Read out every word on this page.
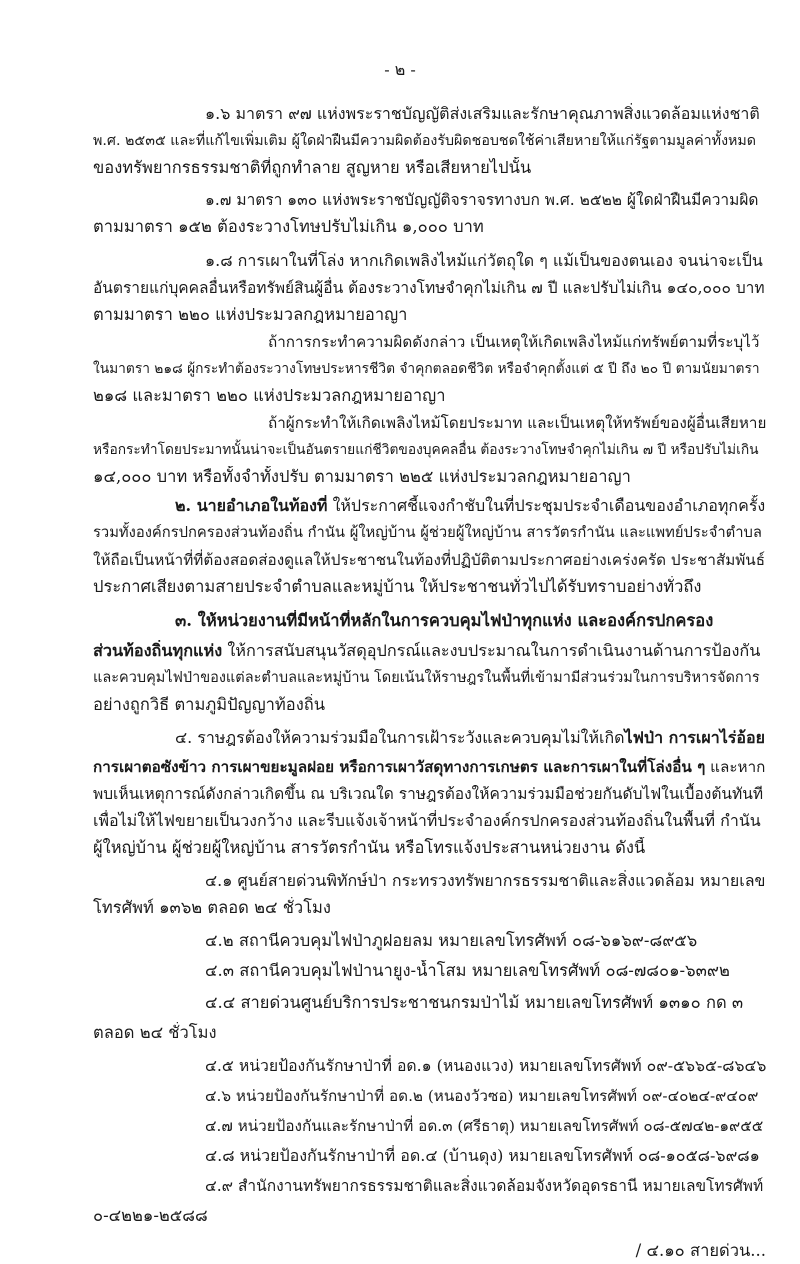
- ๒ -
๑.๖ มาตรา ๙๗ แห่งพระราชบัญญัติส่งเสริมและรักษาคุณภาพสิ่งแวดล้อมแห่งชาติ
พ.ศ. ๒๕๓๕ และที่แก้ไขเพิ่มเติม ผู้ใดฝ่าฝืนมีความผิดต้องรับผิดชอบชดใช้ค่าเสียหายให้แก่รัฐตามมูลค่าทั้งหมด
ของทรัพยากรธรรมชาติที่ถูกทำลาย สูญหาย หรือเสียหายไปนั้น
๑.๗ มาตรา ๑๓๐ แห่งพระราชบัญญัติจราจรทางบก พ.ศ. ๒๕๒๒ ผู้ใดฝ่าฝืนมีความผิด
ตามมาตรา ๑๕๒ ต้องระวางโทษปรับไม่เกิน ๑,๐๐๐ บาท
๑.๘ การเผาในที่โล่ง หากเกิดเพลิงไหม้แก่วัตถุใด ๆ แม้เป็นของตนเอง จนน่าจะเป็น
อันตรายแก่บุคคลอื่นหรือทรัพย์สินผู้อื่น ต้องระวางโทษจำคุกไม่เกิน ๗ ปี และปรับไม่เกิน ๑๔๐,๐๐๐ บาท
ตามมาตรา ๒๒๐ แห่งประมวลกฎหมายอาญา
ถ้าการกระทำความผิดดังกล่าว เป็นเหตุให้เกิดเพลิงไหม้แก่ทรัพย์ตามที่ระบุไว้
ในมาตรา ๒๑๘ ผู้กระทำต้องระวางโทษประหารชีวิต จำคุกตลอดชีวิต หรือจำคุกตั้งแต่ ๕ ปี ถึง ๒๐ ปี ตามนัยมาตรา
๒๑๘ และมาตรา ๒๒๐ แห่งประมวลกฎหมายอาญา
ถ้าผู้กระทำให้เกิดเพลิงไหม้โดยประมาท และเป็นเหตุให้ทรัพย์ของผู้อื่นเสียหาย
หรือกระทำโดยประมาทนั้นน่าจะเป็นอันตรายแก่ชีวิตของบุคคลอื่น ต้องระวางโทษจำคุกไม่เกิน ๗ ปี หรือปรับไม่เกิน
๑๔,๐๐๐ บาท หรือทั้งจำทั้งปรับ ตามมาตรา ๒๒๕ แห่งประมวลกฎหมายอาญา
๒. นายอำเภอในท้องที่ ให้ประกาศชี้แจงกำชับในที่ประชุมประจำเดือนของอำเภอทุกครั้ง
รวมทั้งองค์กรปกครองส่วนท้องถิ่น กำนัน ผู้ใหญ่บ้าน ผู้ช่วยผู้ใหญ่บ้าน สารวัตรกำนัน และแพทย์ประจำตำบล
ให้ถือเป็นหน้าที่ที่ต้องสอดส่องดูแลให้ประชาชนในท้องที่ปฏิบัติตามประกาศอย่างเคร่งครัด ประชาสัมพันธ์
ประกาศเสียงตามสายประจำตำบลและหมู่บ้าน ให้ประชาชนทั่วไปได้รับทราบอย่างทั่วถึง
๓. ให้หน่วยงานที่มีหน้าที่หลักในการควบคุมไฟป่าทุกแห่ง และองค์กรปกครอง
ส่วนท้องถิ่นทุกแห่ง ให้การสนับสนุนวัสดุอุปกรณ์และงบประมาณในการดำเนินงานด้านการป้องกัน
และควบคุมไฟป่าของแต่ละตำบลและหมู่บ้าน โดยเน้นให้ราษฎรในพื้นที่เข้ามามีส่วนร่วมในการบริหารจัดการ
อย่างถูกวิธี ตามภูมิปัญญาท้องถิ่น
๔. ราษฎรต้องให้ความร่วมมือในการเฝ้าระวังและควบคุมไม่ให้เกิดไฟป่า การเผาไร่อ้อย
การเผาตอซังข้าว การเผาขยะมูลฝอย หรือการเผาวัสดุทางการเกษตร และการเผาในที่โล่งอื่น ๆ และหาก
พบเห็นเหตุการณ์ดังกล่าวเกิดขึ้น ณ บริเวณใด ราษฎรต้องให้ความร่วมมือช่วยกันดับไฟในเบื้องต้นทันที
เพื่อไม่ให้ไฟขยายเป็นวงกว้าง และรีบแจ้งเจ้าหน้าที่ประจำองค์กรปกครองส่วนท้องถิ่นในพื้นที่ กำนัน
ผู้ใหญ่บ้าน ผู้ช่วยผู้ใหญ่บ้าน สารวัตรกำนัน หรือโทรแจ้งประสานหน่วยงาน ดังนี้
๔.๑ ศูนย์สายด่วนพิทักษ์ป่า กระทรวงทรัพยากรธรรมชาติและสิ่งแวดล้อม หมายเลข
โทรศัพท์ ๑๓๖๒ ตลอด ๒๔ ชั่วโมง
๔.๒ สถานีควบคุมไฟป่าภูฝอยลม หมายเลขโทรศัพท์ ๐๘-๖๑๖๙-๘๙๕๖
๔.๓ สถานีควบคุมไฟป่านายูง-น้ำโสม หมายเลขโทรศัพท์ ๐๘-๗๘๐๑-๖๓๙๒
๔.๔ สายด่วนศูนย์บริการประชาชนกรมป่าไม้ หมายเลขโทรศัพท์ ๑๓๑๐ กด ๓
ตลอด ๒๔ ชั่วโมง
๔.๕ หน่วยป้องกันรักษาป่าที่ อด.๑ (หนองแวง) หมายเลขโทรศัพท์ ๐๙-๕๖๖๕-๘๖๔๖
๔.๖ หน่วยป้องกันรักษาป่าที่ อด.๒ (หนองวัวซอ) หมายเลขโทรศัพท์ ๐๙-๔๐๒๔-๙๔๐๙
๔.๗ หน่วยป้องกันและรักษาป่าที่ อด.๓ (ศรีธาตุ) หมายเลขโทรศัพท์ ๐๘-๕๗๔๒-๑๙๕๕
๔.๘ หน่วยป้องกันรักษาป่าที่ อด.๔ (บ้านดุง) หมายเลขโทรศัพท์ ๐๘-๑๐๕๘-๖๙๘๑
๔.๙ สำนักงานทรัพยากรธรรมชาติและสิ่งแวดล้อมจังหวัดอุดรธานี หมายเลขโทรศัพท์
๐-๔๒๒๑-๒๕๘๘
/ ๔.๑๐ สายด่วน...
